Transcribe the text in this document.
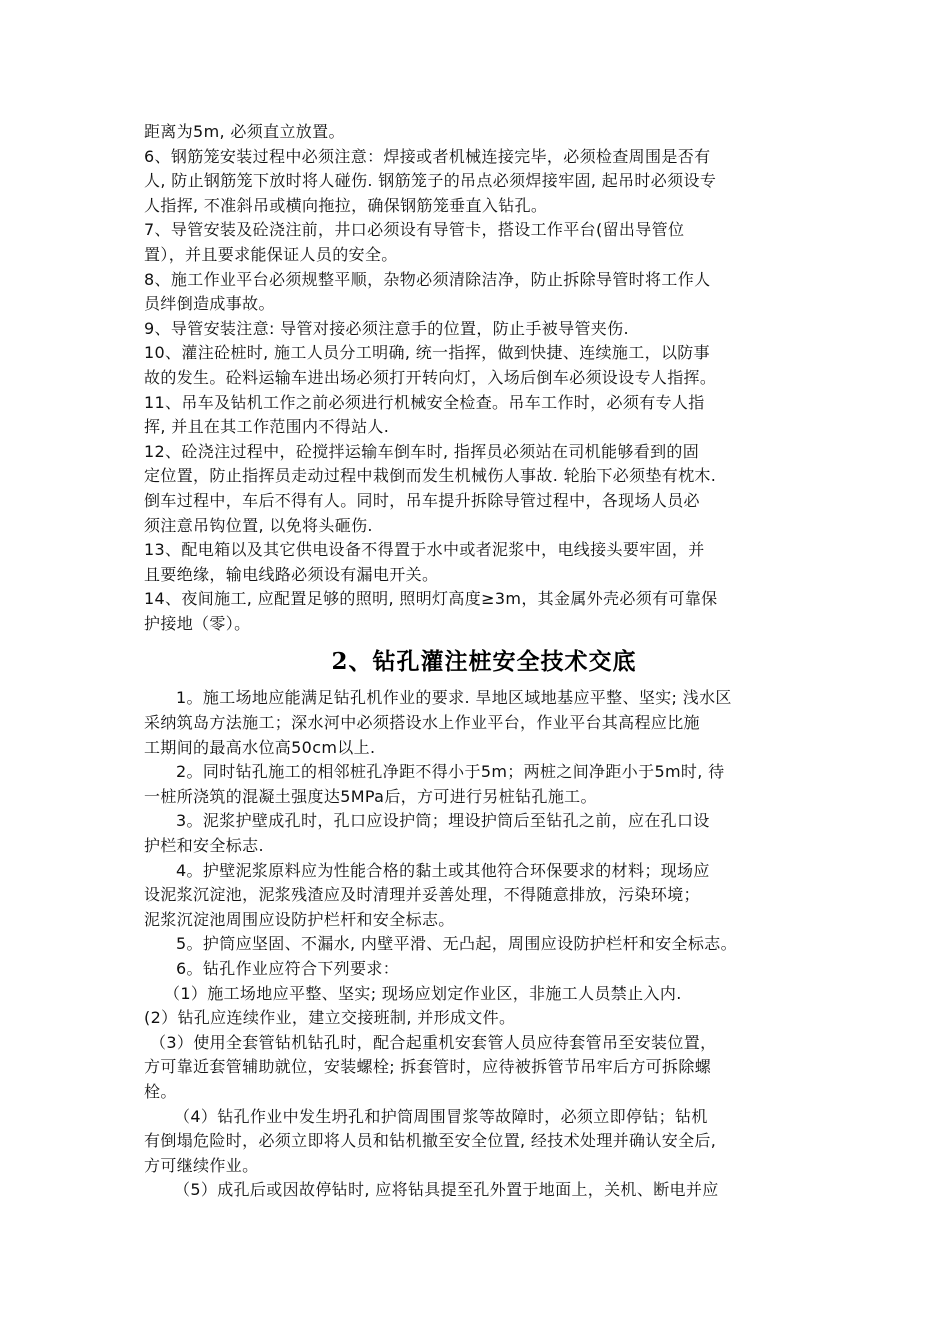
距离为5m, 必须直立放置。
6、钢筋笼安装过程中必须注意：焊接或者机械连接完毕，必须检查周围是否有
人, 防止钢筋笼下放时将人碰伤. 钢筋笼子的吊点必须焊接牢固, 起吊时必须设专
人指挥, 不准斜吊或横向拖拉，确保钢筋笼垂直入钻孔。
7、导管安装及砼浇注前，井口必须设有导管卡，搭设工作平台(留出导管位
置），并且要求能保证人员的安全。
8、施工作业平台必须规整平顺，杂物必须清除洁净，防止拆除导管时将工作人
员绊倒造成事故。
9、导管安装注意: 导管对接必须注意手的位置，防止手被导管夹伤.
10、灌注砼桩时, 施工人员分工明确, 统一指挥，做到快捷、连续施工，以防事
故的发生。砼料运输车进出场必须打开转向灯，入场后倒车必须设设专人指挥。
11、吊车及钻机工作之前必须进行机械安全检查。吊车工作时，必须有专人指
挥, 并且在其工作范围内不得站人.
12、砼浇注过程中，砼搅拌运输车倒车时, 指挥员必须站在司机能够看到的固
定位置，防止指挥员走动过程中栽倒而发生机械伤人事故. 轮胎下必须垫有枕木.
倒车过程中，车后不得有人。同时，吊车提升拆除导管过程中，各现场人员必
须注意吊钩位置, 以免将头砸伤.
13、配电箱以及其它供电设备不得置于水中或者泥浆中，电线接头要牢固，并
且要绝缘，输电线路必须设有漏电开关。
14、夜间施工, 应配置足够的照明, 照明灯高度≥3m，其金属外壳必须有可靠保
护接地（零）。
2、钻孔灌注桩安全技术交底
1。施工场地应能满足钻孔机作业的要求. 旱地区域地基应平整、坚实; 浅水区
采纳筑岛方法施工；深水河中必须搭设水上作业平台，作业平台其高程应比施
工期间的最高水位高50cm以上.
2。同时钻孔施工的相邻桩孔净距不得小于5m；两桩之间净距小于5m时, 待
一桩所浇筑的混凝土强度达5MPa后，方可进行另桩钻孔施工。
3。泥浆护壁成孔时，孔口应设护筒；埋设护筒后至钻孔之前，应在孔口设
护栏和安全标志.
4。护壁泥浆原料应为性能合格的黏土或其他符合环保要求的材料；现场应
设泥浆沉淀池，泥浆残渣应及时清理并妥善处理，不得随意排放，污染环境；
泥浆沉淀池周围应设防护栏杆和安全标志。
5。护筒应坚固、不漏水, 内壁平滑、无凸起，周围应设防护栏杆和安全标志。
6。钻孔作业应符合下列要求：
（1）施工场地应平整、坚实; 现场应划定作业区，非施工人员禁止入内.
(2）钻孔应连续作业，建立交接班制, 并形成文件。
（3）使用全套管钻机钻孔时，配合起重机安套管人员应待套管吊至安装位置，
方可靠近套管辅助就位，安装螺栓; 拆套管时，应待被拆管节吊牢后方可拆除螺
栓。
（4）钻孔作业中发生坍孔和护筒周围冒浆等故障时，必须立即停钻；钻机
有倒塌危险时，必须立即将人员和钻机撤至安全位置, 经技术处理并确认安全后,
方可继续作业。
（5）成孔后或因故停钻时, 应将钻具提至孔外置于地面上，关机、断电并应
